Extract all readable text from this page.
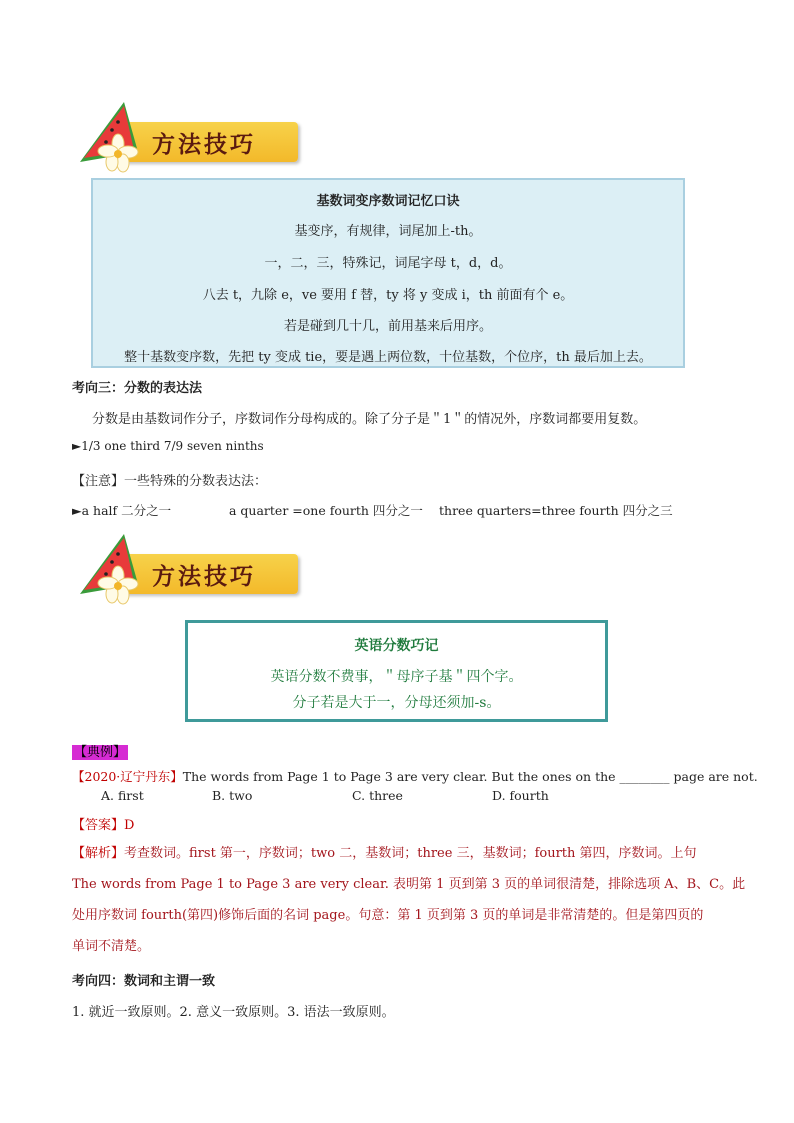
方法技巧
基数词变序数词记忆口诀
基变序，有规律，词尾加上-th。
一，二，三，特殊记，词尾字母 t，d，d。
八去 t，九除 e，ve 要用 f 替，ty 将 y 变成 i，th 前面有个 e。
若是碰到几十几，前用基来后用序。
整十基数变序数，先把 ty 变成 tie，要是遇上两位数，十位基数，个位序，th 最后加上去。
考向三：分数的表达法
分数是由基数词作分子，序数词作分母构成的。除了分子是＂1＂的情况外，序数词都要用复数。
►1/3 one third 7/9 seven ninths
【注意】一些特殊的分数表达法：
►a half 二分之一	a quarter =one fourth 四分之一 three quarters=three fourth 四分之三
方法技巧
英语分数巧记
英语分数不费事，＂母序子基＂四个字。
分子若是大于一，分母还须加-s。
【典例】
【2020·辽宁丹东】The words from Page 1 to Page 3 are very clear. But the ones on the ________ page are not.
A. first	B. two	C. three	D. fourth
【答案】D
【解析】考查数词。first 第一，序数词；two 二，基数词；three 三，基数词；fourth 第四，序数词。上句
The words from Page 1 to Page 3 are very clear. 表明第 1 页到第 3 页的单词很清楚，排除选项 A、B、C。此
处用序数词 fourth(第四)修饰后面的名词 page。句意：第 1 页到第 3 页的单词是非常清楚的。但是第四页的
单词不清楚。
考向四：数词和主谓一致
1. 就近一致原则。2. 意义一致原则。3. 语法一致原则。
